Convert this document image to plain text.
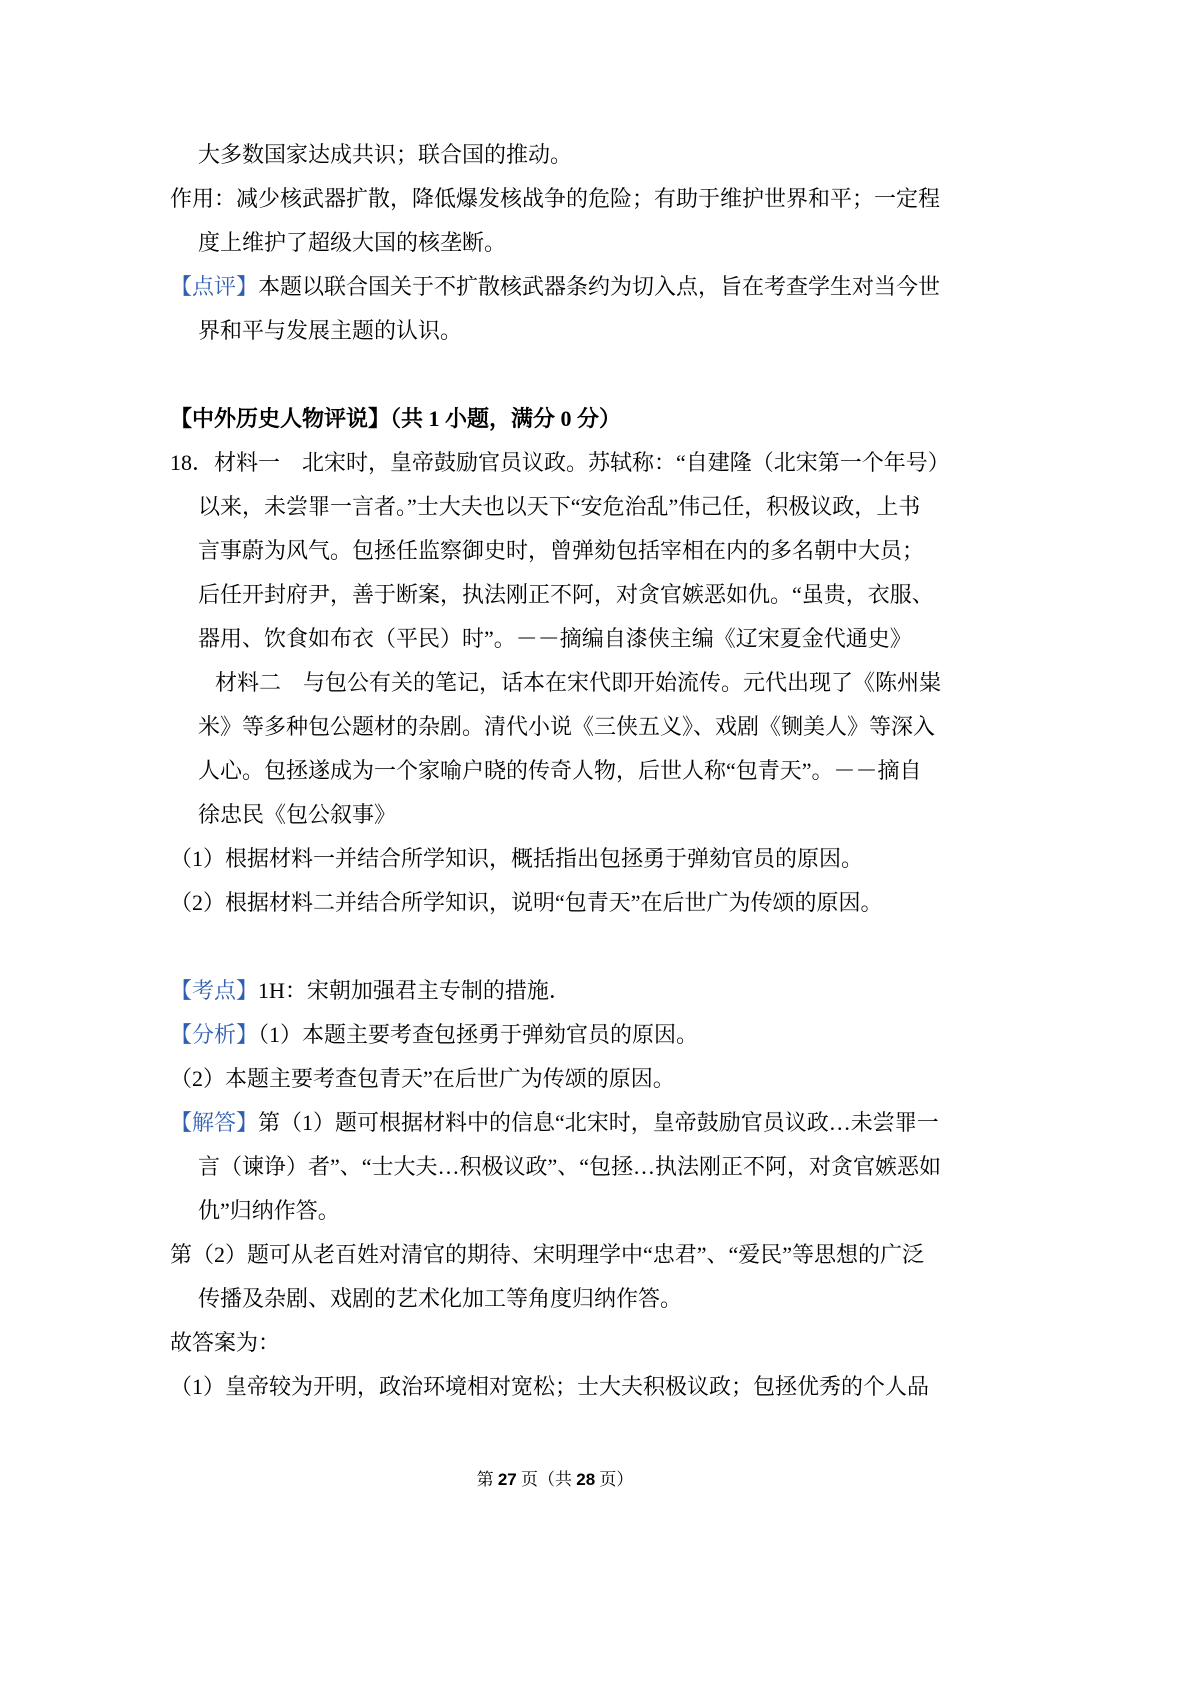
大多数国家达成共识；联合国的推动。
作用：减少核武器扩散，降低爆发核战争的危险；有助于维护世界和平；一定程
度上维护了超级大国的核垄断。
【点评】本题以联合国关于不扩散核武器条约为切入点，旨在考查学生对当今世
界和平与发展主题的认识。
【中外历史人物评说】（共 1 小题，满分 0 分）
18．材料一　北宋时，皇帝鼓励官员议政。苏轼称：“自建隆（北宋第一个年号）
以来，未尝罪一言者。”士大夫也以天下“安危治乱”伟己任，积极议政，上书
言事蔚为风气。包拯任监察御史时，曾弹劾包括宰相在内的多名朝中大员；
后任开封府尹，善于断案，执法刚正不阿，对贪官嫉恶如仇。“虽贵，衣服、
器用、饮食如布衣（平民）时”。－－摘编自漆侠主编《辽宋夏金代通史》
材料二　与包公有关的笔记，话本在宋代即开始流传。元代出现了《陈州粜
米》等多种包公题材的杂剧。清代小说《三侠五义》、戏剧《铡美人》等深入
人心。包拯遂成为一个家喻户晓的传奇人物，后世人称“包青天”。－－摘自
徐忠民《包公叙事》
（1）根据材料一并结合所学知识，概括指出包拯勇于弹劾官员的原因。
（2）根据材料二并结合所学知识，说明“包青天”在后世广为传颂的原因。
【考点】1H：宋朝加强君主专制的措施．
【分析】（1）本题主要考查包拯勇于弹劾官员的原因。
（2）本题主要考查包青天”在后世广为传颂的原因。
【解答】第（1）题可根据材料中的信息“北宋时，皇帝鼓励官员议政…未尝罪一
言（谏诤）者”、“士大夫…积极议政”、“包拯…执法刚正不阿，对贪官嫉恶如
仇”归纳作答。
第（2）题可从老百姓对清官的期待、宋明理学中“忠君”、“爱民”等思想的广泛
传播及杂剧、戏剧的艺术化加工等角度归纳作答。
故答案为：
（1）皇帝较为开明，政治环境相对宽松；士大夫积极议政；包拯优秀的个人品
第 27 页（共 28 页）
